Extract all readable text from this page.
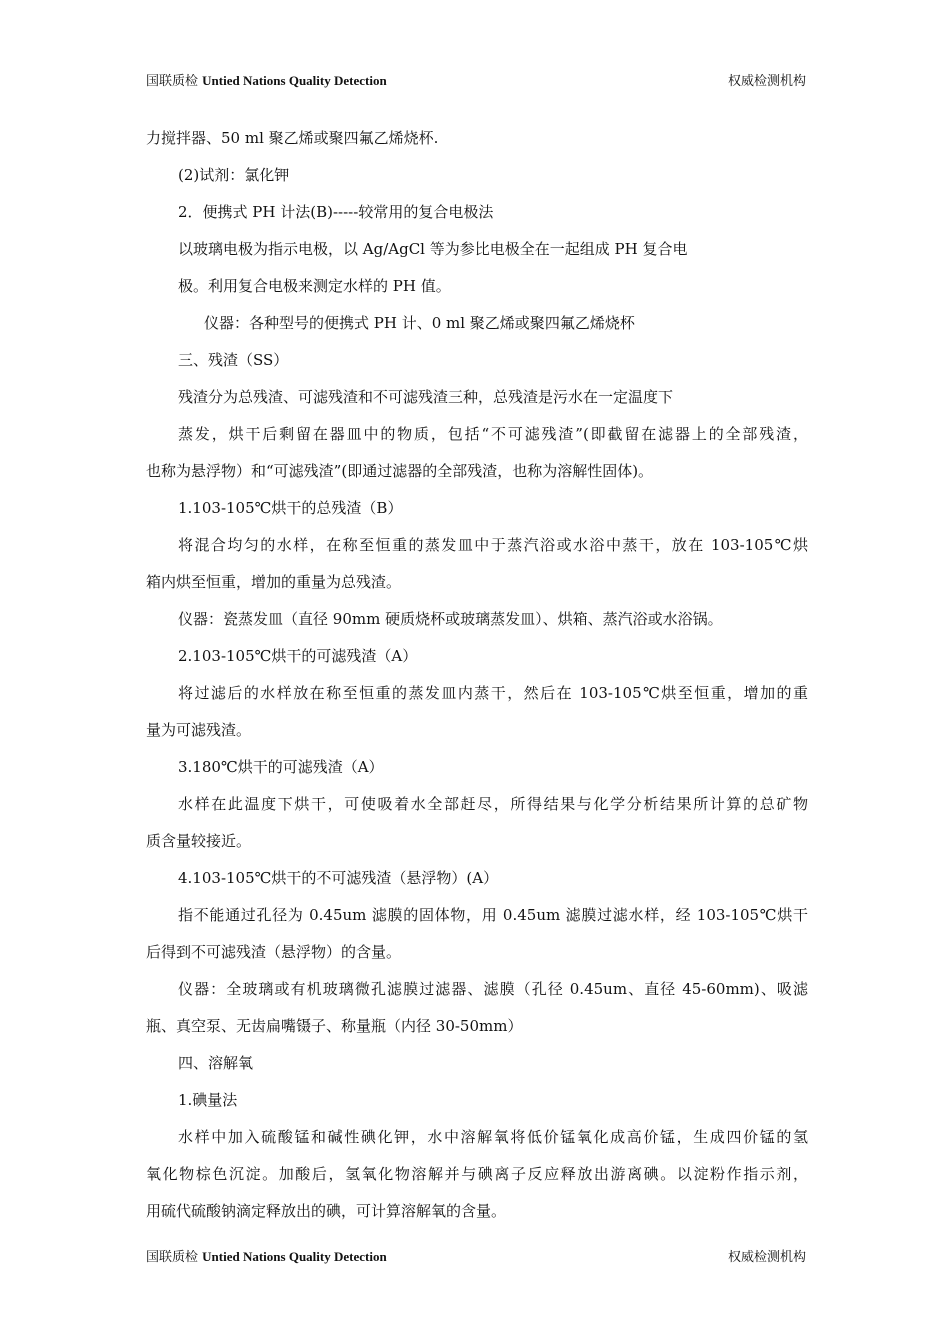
国联质检 Untied Nations Quality Detection	权威检测机构

力搅拌器、50 ml 聚乙烯或聚四氟乙烯烧杯.

(2)试剂：氯化钾

2．便携式 PH 计法(B)-----较常用的复合电极法

以玻璃电极为指示电极，以 Ag/AgCl 等为参比电极全在一起组成 PH 复合电

极。利用复合电极来测定水样的 PH 值。

仪器：各种型号的便携式 PH 计、0 ml 聚乙烯或聚四氟乙烯烧杯

三、残渣（SS）

残渣分为总残渣、可滤残渣和不可滤残渣三种，总残渣是污水在一定温度下

蒸发，烘干后剩留在器皿中的物质，包括“不可滤残渣”(即截留在滤器上的全部残渣，

也称为悬浮物）和“可滤残渣”(即通过滤器的全部残渣，也称为溶解性固体)。

1.103-105℃烘干的总残渣（B）

将混合均匀的水样，在称至恒重的蒸发皿中于蒸汽浴或水浴中蒸干，放在 103-105℃烘

箱内烘至恒重，增加的重量为总残渣。

仪器：瓷蒸发皿（直径 90mm 硬质烧杯或玻璃蒸发皿）、烘箱、蒸汽浴或水浴锅。

2.103-105℃烘干的可滤残渣（A）

将过滤后的水样放在称至恒重的蒸发皿内蒸干，然后在 103-105℃烘至恒重，增加的重

量为可滤残渣。

3.180℃烘干的可滤残渣（A）

水样在此温度下烘干，可使吸着水全部赶尽，所得结果与化学分析结果所计算的总矿物

质含量较接近。

4.103-105℃烘干的不可滤残渣（悬浮物）(A）

指不能通过孔径为 0.45um 滤膜的固体物，用 0.45um 滤膜过滤水样，经 103-105℃烘干

后得到不可滤残渣（悬浮物）的含量。

仪器：全玻璃或有机玻璃微孔滤膜过滤器、滤膜（孔径 0.45um、直径 45-60mm)、吸滤

瓶、真空泵、无齿扁嘴镊子、称量瓶（内径 30-50mm）

四、溶解氧

1.碘量法

水样中加入硫酸锰和碱性碘化钾，水中溶解氧将低价锰氧化成高价锰，生成四价锰的氢

氧化物棕色沉淀。加酸后，氢氧化物溶解并与碘离子反应释放出游离碘。以淀粉作指示剂，

用硫代硫酸钠滴定释放出的碘，可计算溶解氧的含量。

国联质检 Untied Nations Quality Detection	权威检测机构
